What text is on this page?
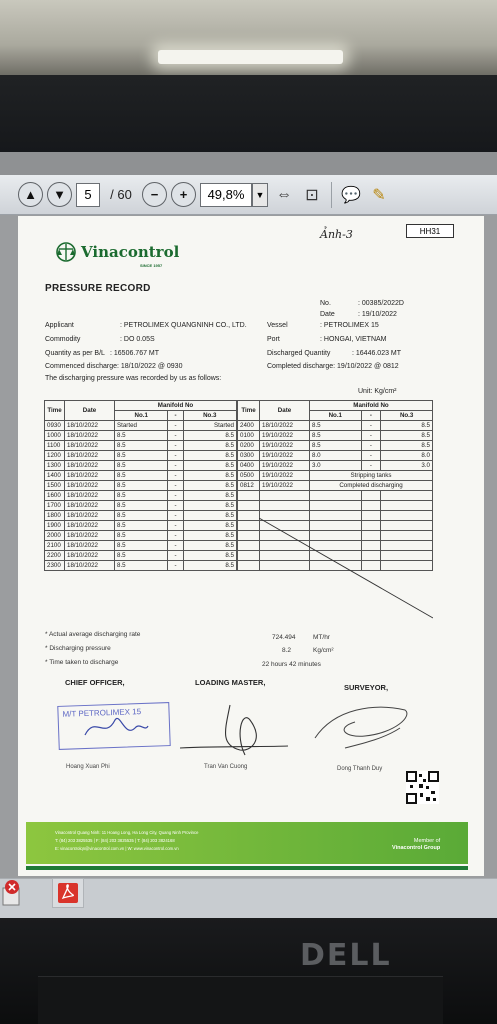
▲	▼	5	/ 60	−	+	49,8%	▼ ⇔ ⊡	💬 ✎
HH31
Ảnh-3
Vinacontrol
SINCE 1957
PRESSURE RECORD
No.	: 00385/2022D
Date	: 19/10/2022
Applicant	: PETROLIMEX QUANGNINH CO., LTD.
Commodity	: DO 0.05S
Quantity as per B/L : 16506.767 MT
Commenced discharge: 18/10/2022 @ 0930
The discharging pressure was recorded by us as follows:
Vessel	: PETROLIMEX 15
Port	: HONGAI, VIETNAM
Discharged Quantity	: 16446.023 MT
Completed discharge: 19/10/2022 @ 0812
Unit: Kg/cm²
Time	Date	Manifold No		
		No.1	-	No.3
0930	18/10/2022	Started	-	Started
1000	18/10/2022	8.5	-	8.5
1100	18/10/2022	8.5	-	8.5
1200	18/10/2022	8.5	-	8.5
1300	18/10/2022	8.5	-	8.5
1400	18/10/2022	8.5	-	8.5
1500	18/10/2022	8.5	-	8.5
1600	18/10/2022	8.5	-	8.5
1700	18/10/2022	8.5	-	8.5
1800	18/10/2022	8.5	-	8.5
1900	18/10/2022	8.5	-	8.5
2000	18/10/2022	8.5	-	8.5
2100	18/10/2022	8.5	-	8.5
2200	18/10/2022	8.5	-	8.5
2300	18/10/2022	8.5	-	8.5
Time	Date	Manifold No		
		No.1	-	No.3
2400	18/10/2022	8.5	-	8.5
0100	19/10/2022	8.5	-	8.5
0200	19/10/2022	8.5	-	8.5
0300	19/10/2022	8.0	-	8.0
0400	19/10/2022	3.0	-	3.0
0500	19/10/2022	Stripping tanks		
0812	19/10/2022	Completed discharging		

* Actual average discharging rate	724.494	MT/hr
* Discharging pressure	8.2	Kg/cm²
* Time taken to discharge	22 hours 42 minutes
CHIEF OFFICER,	LOADING MASTER,
SURVEYOR,
M/T PETROLIMEX 15
Hoang Xuan Phi	Tran Van Cuong	Dong Thanh Duy
Vinacontrol Quang Ninh: 11 Hoang Long, Ha Long City, Quang Ninh Province
T: (84) 203 3825535 | F: (84) 203 3825535 | T: (84) 203 3824168
E: vinacontrolqn@vinacontrol.com.vn | W: www.vinacontrol.com.vn
Member of
Vinacontrol Group
DELL
